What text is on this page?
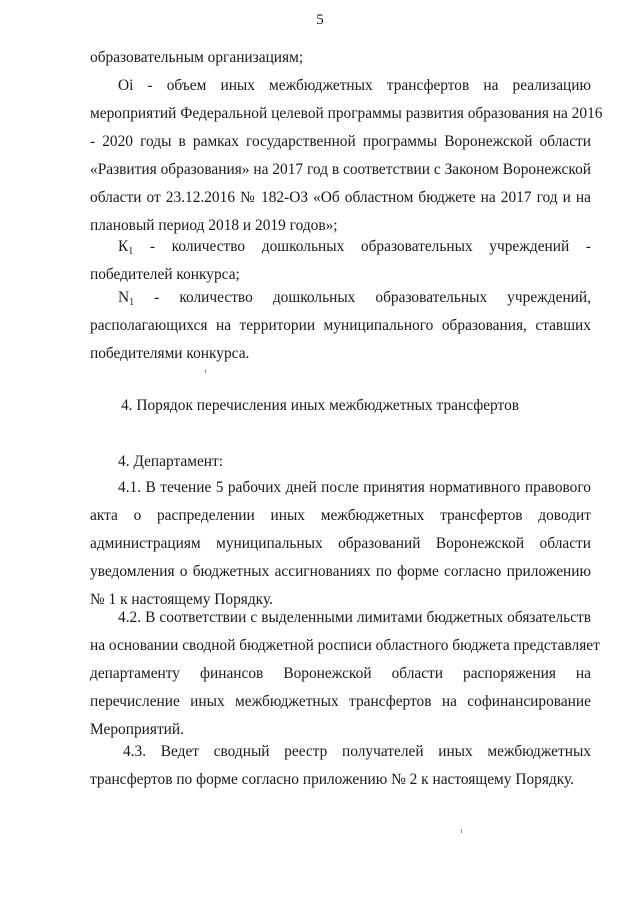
5
образовательным организациям;
Оi - объем иных межбюджетных трансфертов на реализацию
мероприятий Федеральной целевой программы развития образования на 2016
- 2020 годы в рамках государственной программы Воронежской области
«Развития образования» на 2017 год в соответствии с Законом Воронежской
области от 23.12.2016 № 182-ОЗ «Об областном бюджете на 2017 год и на
плановый период 2018 и 2019 годов»;
К1 - количество дошкольных образовательных учреждений -
победителей конкурса;
N1 - количество дошкольных образовательных учреждений,
располагающихся на территории муниципального образования, ставших
победителями конкурса.
4. Порядок перечисления иных межбюджетных трансфертов
4. Департамент:
4.1. В течение 5 рабочих дней после принятия нормативного правового
акта о распределении иных межбюджетных трансфертов доводит
администрациям муниципальных образований Воронежской области
уведомления о бюджетных ассигнованиях по форме согласно приложению
№ 1 к настоящему Порядку.
4.2. В соответствии с выделенными лимитами бюджетных обязательств
на основании сводной бюджетной росписи областного бюджета представляет
департаменту финансов Воронежской области распоряжения на
перечисление иных межбюджетных трансфертов на софинансирование
Мероприятий.
4.3. Ведет сводный реестр получателей иных межбюджетных
трансфертов по форме согласно приложению № 2 к настоящему Порядку.
